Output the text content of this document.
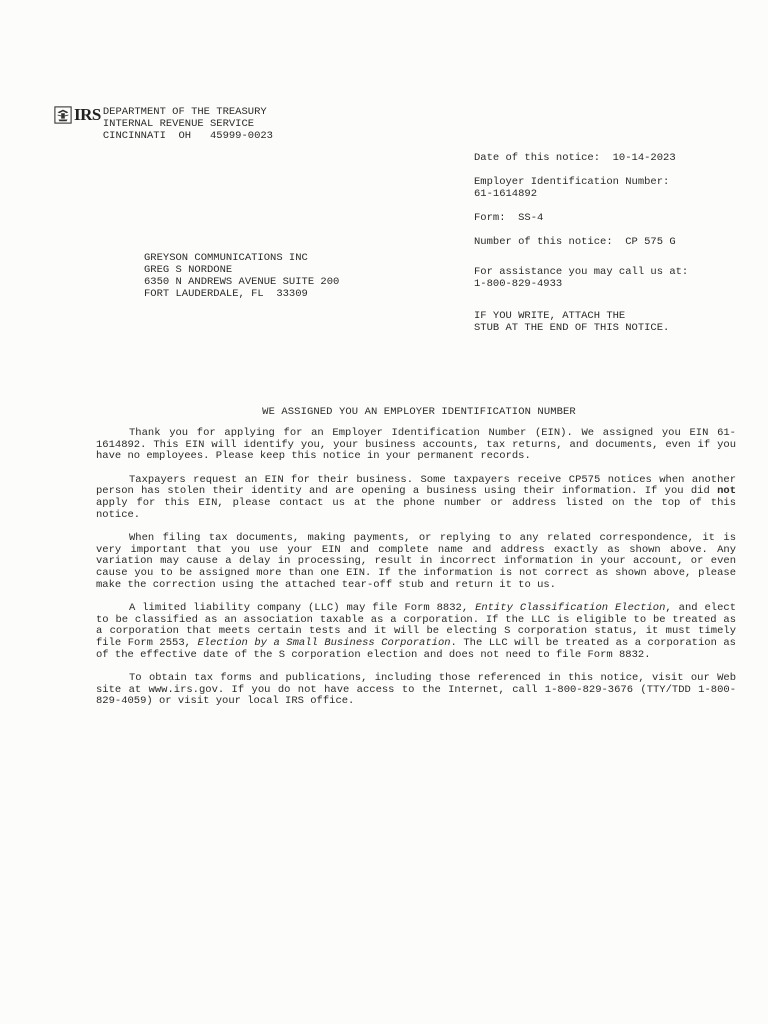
IRS DEPARTMENT OF THE TREASURY
INTERNAL REVENUE SERVICE
CINCINNATI  OH   45999-0023
Date of this notice:  10-14-2023
Employer Identification Number:
61-1614892
Form:  SS-4
Number of this notice:  CP 575 G
For assistance you may call us at:
1-800-829-4933
IF YOU WRITE, ATTACH THE
STUB AT THE END OF THIS NOTICE.
GREYSON COMMUNICATIONS INC
GREG S NORDONE
6350 N ANDREWS AVENUE SUITE 200
FORT LAUDERDALE, FL  33309
WE ASSIGNED YOU AN EMPLOYER IDENTIFICATION NUMBER

Thank you for applying for an Employer Identification Number (EIN). We assigned you EIN 61-1614892. This EIN will identify you, your business accounts, tax returns, and documents, even if you have no employees. Please keep this notice in your permanent records.

Taxpayers request an EIN for their business. Some taxpayers receive CP575 notices when another person has stolen their identity and are opening a business using their information. If you did not apply for this EIN, please contact us at the phone number or address listed on the top of this notice.

When filing tax documents, making payments, or replying to any related correspondence, it is very important that you use your EIN and complete name and address exactly as shown above. Any variation may cause a delay in processing, result in incorrect information in your account, or even cause you to be assigned more than one EIN. If the information is not correct as shown above, please make the correction using the attached tear-off stub and return it to us.

A limited liability company (LLC) may file Form 8832, Entity Classification Election, and elect to be classified as an association taxable as a corporation. If the LLC is eligible to be treated as a corporation that meets certain tests and it will be electing S corporation status, it must timely file Form 2553, Election by a Small Business Corporation. The LLC will be treated as a corporation as of the effective date of the S corporation election and does not need to file Form 8832.

To obtain tax forms and publications, including those referenced in this notice, visit our Web site at www.irs.gov. If you do not have access to the Internet, call 1-800-829-3676 (TTY/TDD 1-800-829-4059) or visit your local IRS office.
